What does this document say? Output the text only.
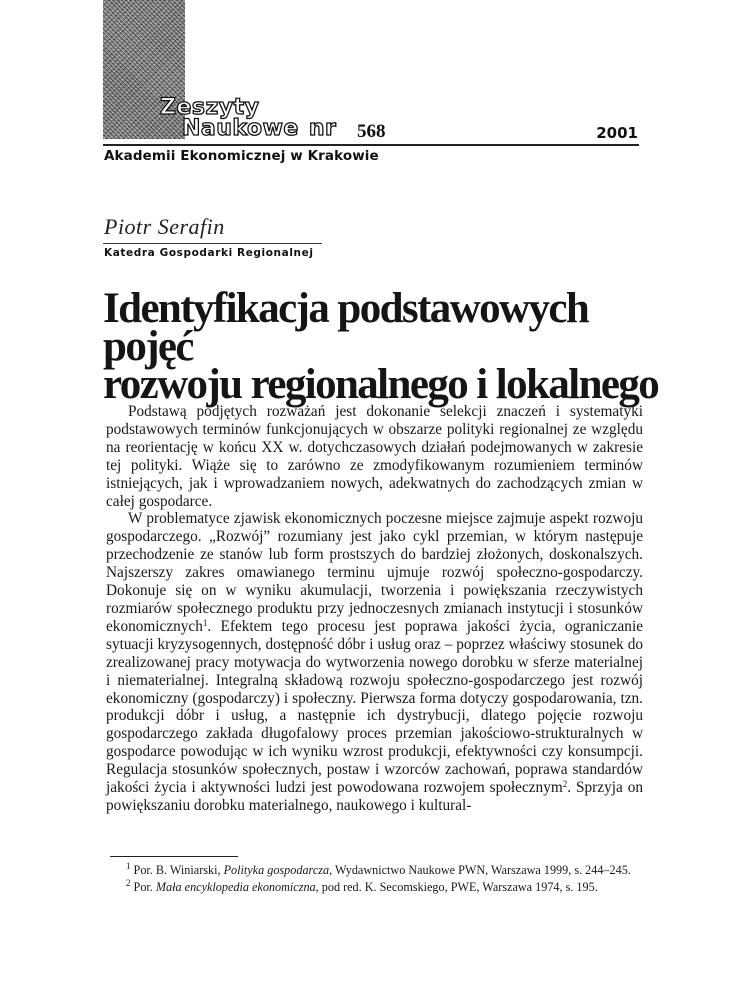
Zeszyty
Naukowe nr 568	2001
Akademii Ekonomicznej w Krakowie
Piotr Serafin
Katedra Gospodarki Regionalnej
Identyfikacja podstawowych pojęć
rozwoju regionalnego i lokalnego

Podstawą podjętych rozważań jest dokonanie selekcji znaczeń i systematyki podstawowych terminów funkcjonujących w obszarze polityki regionalnej ze względu na reorientację w końcu XX w. dotychczasowych działań podejmowanych w zakresie tej polityki. Wiąże się to zarówno ze zmodyfikowanym rozumieniem terminów istniejących, jak i wprowadzaniem nowych, adekwatnych do zachodzących zmian w całej gospodarce.

W problematyce zjawisk ekonomicznych poczesne miejsce zajmuje aspekt rozwoju gospodarczego. „Rozwój” rozumiany jest jako cykl przemian, w którym następuje przechodzenie ze stanów lub form prostszych do bardziej złożonych, doskonalszych. Najszerszy zakres omawianego terminu ujmuje rozwój społeczno-gospodarczy. Dokonuje się on w wyniku akumulacji, tworzenia i powiększania rzeczywistych rozmiarów społecznego produktu przy jednoczesnych zmianach instytucji i stosunków ekonomicznych$^1$. Efektem tego procesu jest poprawa jakości życia, ograniczanie sytuacji kryzysogennych, dostępność dóbr i usług oraz – poprzez właściwy stosunek do zrealizowanej pracy motywacja do wytworzenia nowego dorobku w sferze materialnej i niematerialnej. Integralną składową rozwoju społeczno-gospodarczego jest rozwój ekonomiczny (gospodarczy) i społeczny. Pierwsza forma dotyczy gospodarowania, tzn. produkcji dóbr i usług, a następnie ich dystrybucji, dlatego pojęcie rozwoju gospodarczego zakłada długofalowy proces przemian jakościowo-strukturalnych w gospodarce powodując w ich wyniku wzrost produkcji, efektywności czy konsumpcji. Regulacja stosunków społecznych, postaw i wzorców zachowań, poprawa standardów jakości życia i aktywności ludzi jest powodowana rozwojem społecznym$^2$. Sprzyja on powiększaniu dorobku materialnego, naukowego i kultural-

$^1$ Por. B. Winiarski, Polityka gospodarcza, Wydawnictwo Naukowe PWN, Warszawa 1999, s. 244–245.

$^2$ Por. Mała encyklopedia ekonomiczna, pod red. K. Secomskiego, PWE, Warszawa 1974, s. 195.
